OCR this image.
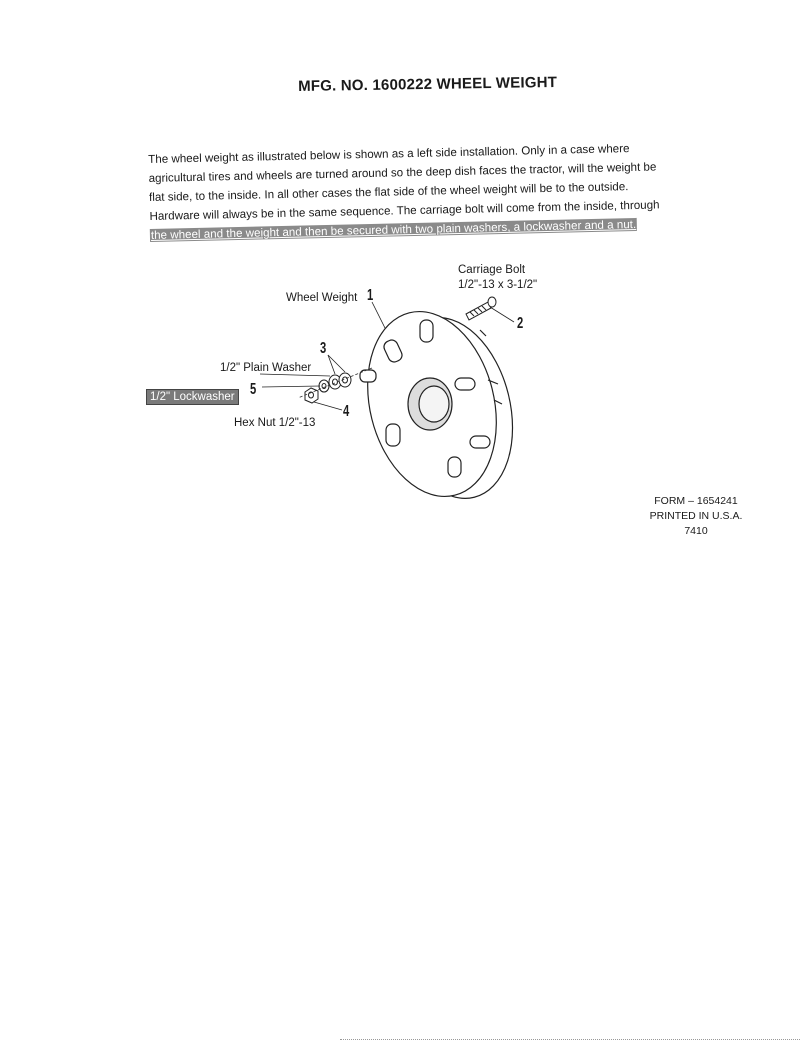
MFG. NO. 1600222 WHEEL WEIGHT
The wheel weight as illustrated below is shown as a left side installation. Only in a case where
agricultural tires and wheels are turned around so the deep dish faces the tractor, will the weight be
flat side, to the inside. In all other cases the flat side of the wheel weight will be to the outside.
Hardware will always be in the same sequence. The carriage bolt will come from the inside, through
the wheel and the weight and then be secured with two plain washers, a lockwasher and a nut.
Carriage Bolt
1/2"-13 x 3-1/2"
2
Wheel Weight 1
3
1/2" Plain Washer
1/2" Lockwasher 5
4
Hex Nut 1/2"-13
FORM – 1654241
PRINTED IN U.S.A.
7410
